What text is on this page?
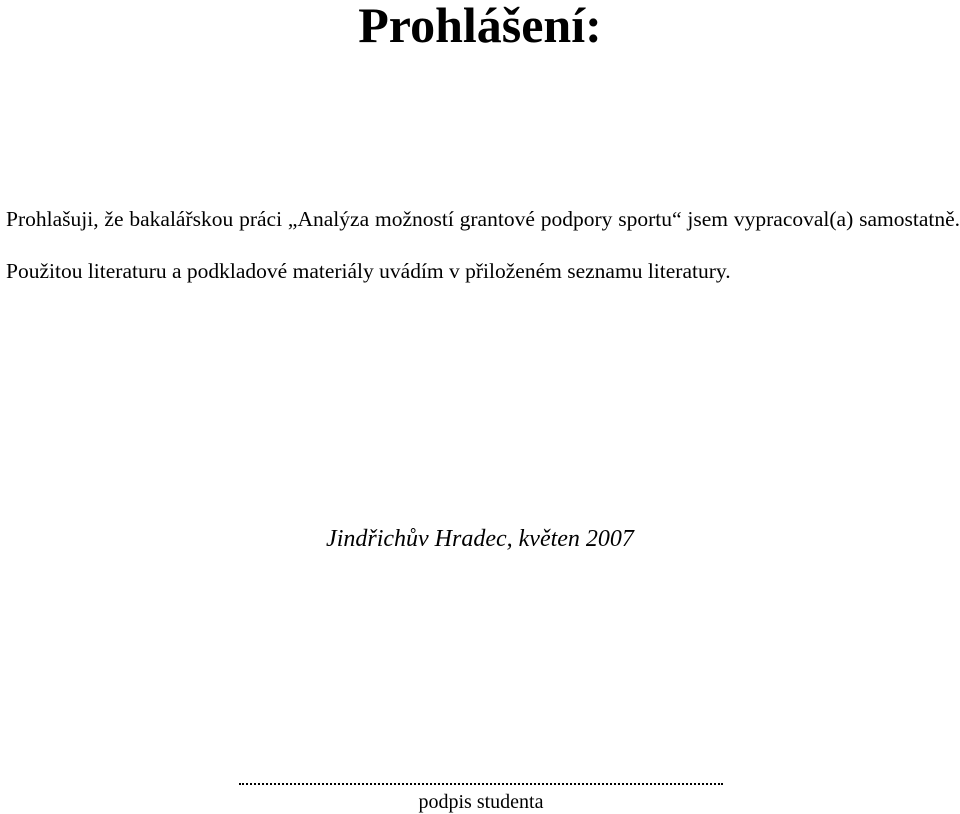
Prohlášení:

Prohlašuji, že bakalářskou práci „Analýza možností grantové podpory sportu“ jsem vypracoval(a) samostatně. Použitou literaturu a podkladové materiály uvádím v přiloženém seznamu literatury.

Jindřichův Hradec, květen 2007
podpis studenta
